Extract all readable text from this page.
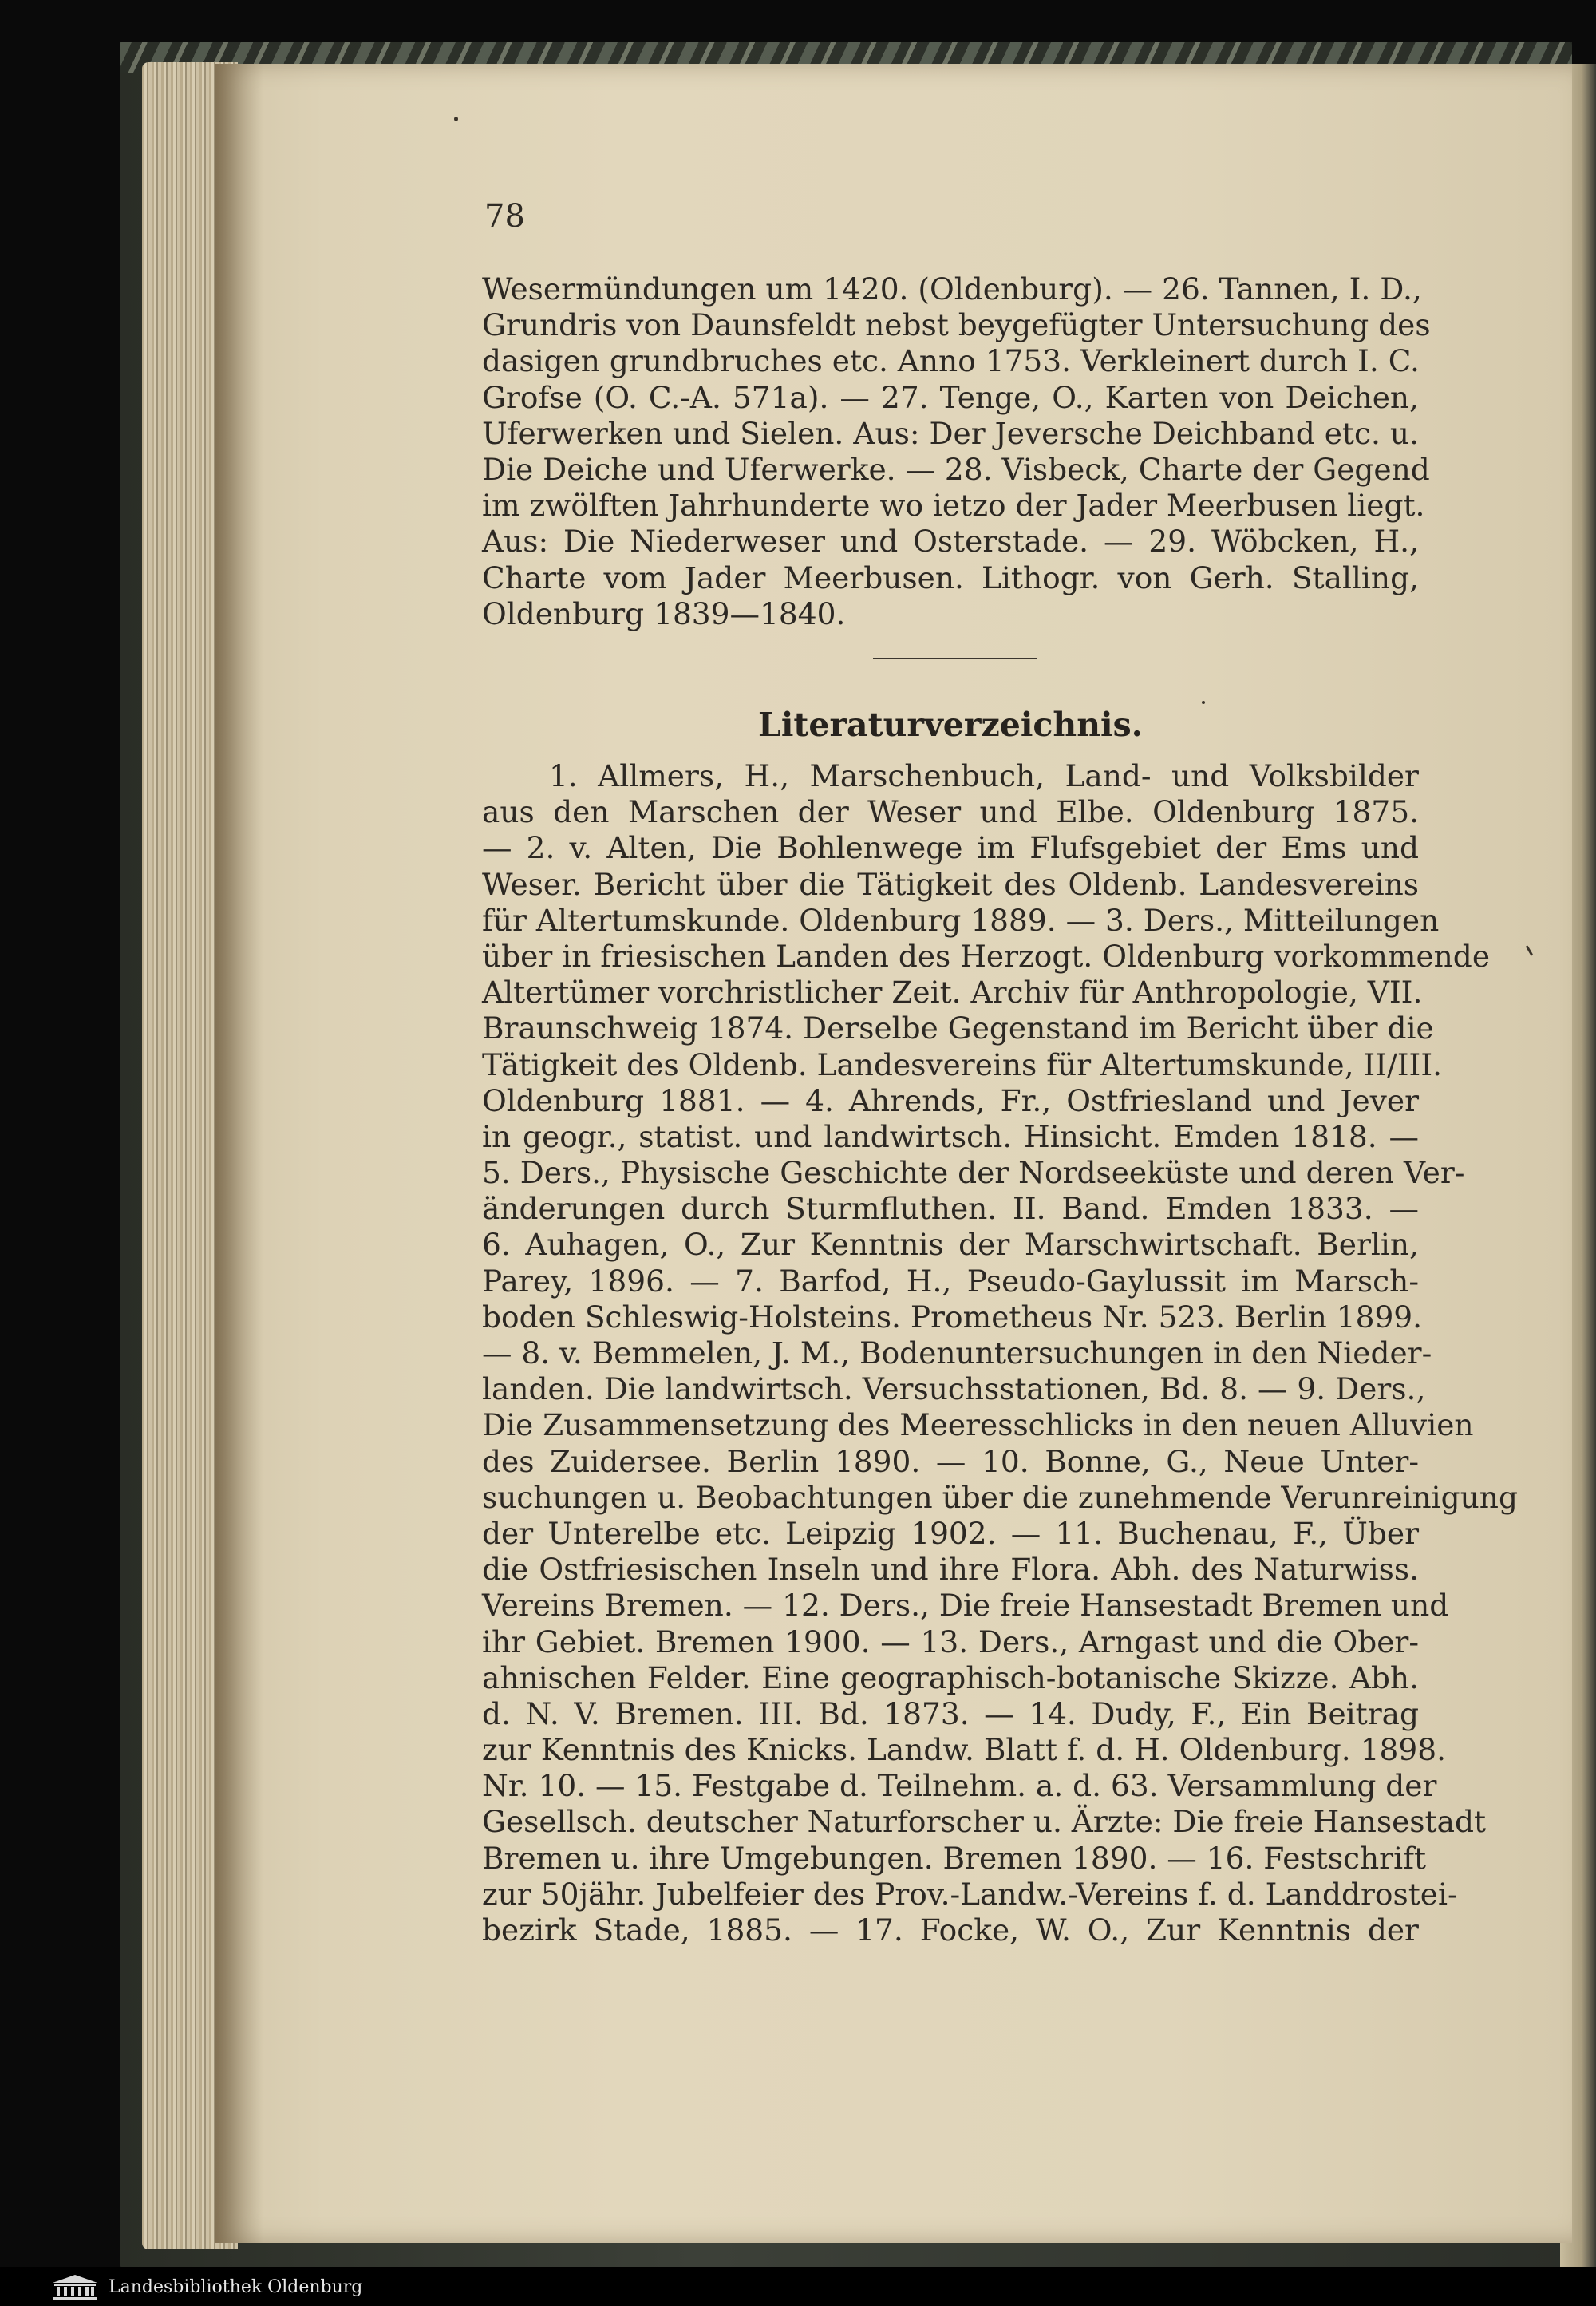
78
Wesermündungen um 1420. (Oldenburg). — 26. Tannen, I. D.,
Grundris von Daunsfeldt nebst beygefügter Untersuchung des
dasigen grundbruches etc. Anno 1753. Verkleinert durch I. C.
Grofse (O. C.-A. 571a). — 27. Tenge, O., Karten von Deichen,
Uferwerken und Sielen. Aus: Der Jeversche Deichband etc. u.
Die Deiche und Uferwerke. — 28. Visbeck, Charte der Gegend
im zwölften Jahrhunderte wo ietzo der Jader Meerbusen liegt.
Aus: Die Niederweser und Osterstade. — 29. Wöbcken, H.,
Charte vom Jader Meerbusen. Lithogr. von Gerh. Stalling,
Oldenburg 1839—1840.
Literaturverzeichnis.
1. Allmers, H., Marschenbuch, Land- und Volksbilder
aus den Marschen der Weser und Elbe. Oldenburg 1875.
— 2. v. Alten, Die Bohlenwege im Flufsgebiet der Ems und
Weser. Bericht über die Tätigkeit des Oldenb. Landesvereins
für Altertumskunde. Oldenburg 1889. — 3. Ders., Mitteilungen
über in friesischen Landen des Herzogt. Oldenburg vorkommende
Altertümer vorchristlicher Zeit. Archiv für Anthropologie, VII.
Braunschweig 1874. Derselbe Gegenstand im Bericht über die
Tätigkeit des Oldenb. Landesvereins für Altertumskunde, II/III.
Oldenburg 1881. — 4. Ahrends, Fr., Ostfriesland und Jever
in geogr., statist. und landwirtsch. Hinsicht. Emden 1818. —
5. Ders., Physische Geschichte der Nordseeküste und deren Ver-
änderungen durch Sturmfluthen. II. Band. Emden 1833. —
6. Auhagen, O., Zur Kenntnis der Marschwirtschaft. Berlin,
Parey, 1896. — 7. Barfod, H., Pseudo-Gaylussit im Marsch-
boden Schleswig-Holsteins. Prometheus Nr. 523. Berlin 1899.
— 8. v. Bemmelen, J. M., Bodenuntersuchungen in den Nieder-
landen. Die landwirtsch. Versuchsstationen, Bd. 8. — 9. Ders.,
Die Zusammensetzung des Meeresschlicks in den neuen Alluvien
des Zuidersee. Berlin 1890. — 10. Bonne, G., Neue Unter-
suchungen u. Beobachtungen über die zunehmende Verunreinigung
der Unterelbe etc. Leipzig 1902. — 11. Buchenau, F., Über
die Ostfriesischen Inseln und ihre Flora. Abh. des Naturwiss.
Vereins Bremen. — 12. Ders., Die freie Hansestadt Bremen und
ihr Gebiet. Bremen 1900. — 13. Ders., Arngast und die Ober-
ahnischen Felder. Eine geographisch-botanische Skizze. Abh.
d. N. V. Bremen. III. Bd. 1873. — 14. Dudy, F., Ein Beitrag
zur Kenntnis des Knicks. Landw. Blatt f. d. H. Oldenburg. 1898.
Nr. 10. — 15. Festgabe d. Teilnehm. a. d. 63. Versammlung der
Gesellsch. deutscher Naturforscher u. Ärzte: Die freie Hansestadt
Bremen u. ihre Umgebungen. Bremen 1890. — 16. Festschrift
zur 50jähr. Jubelfeier des Prov.-Landw.-Vereins f. d. Landdrostei-
bezirk Stade, 1885. — 17. Focke, W. O., Zur Kenntnis der
Landesbibliothek Oldenburg
